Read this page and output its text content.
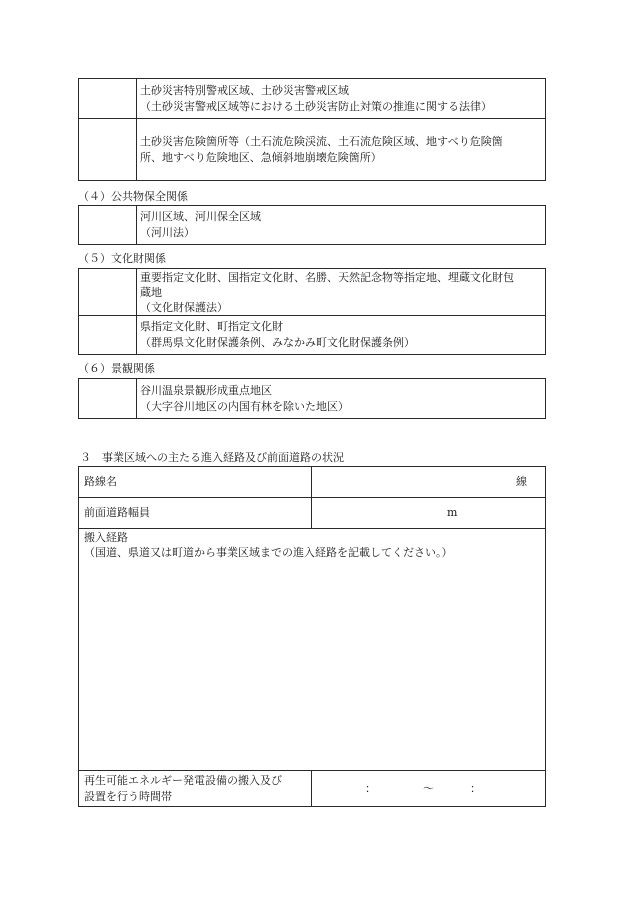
土砂災害特別警戒区域、土砂災害警戒区域
（土砂災害警戒区域等における土砂災害防止対策の推進に関する法律）
土砂災害危険箇所等（土石流危険渓流、土石流危険区域、地すべり危険箇
所、地すべり危険地区、急傾斜地崩壊危険箇所）
（４）公共物保全関係
河川区域、河川保全区域
（河川法）
（５）文化財関係
重要指定文化財、国指定文化財、名勝、天然記念物等指定地、埋蔵文化財包
蔵地
（文化財保護法）
県指定文化財、町指定文化財
（群馬県文化財保護条例、みなかみ町文化財保護条例）
（６）景観関係
谷川温泉景観形成重点地区
（大字谷川地区の内国有林を除いた地区）
３　事業区域への主たる進入経路及び前面道路の状況
路線名	線
前面道路幅員	m
搬入経路
（国道、県道又は町道から事業区域までの進入経路を記載してください。）
再生可能エネルギー発電設備の搬入及び
設置を行う時間帯
：	〜	：
